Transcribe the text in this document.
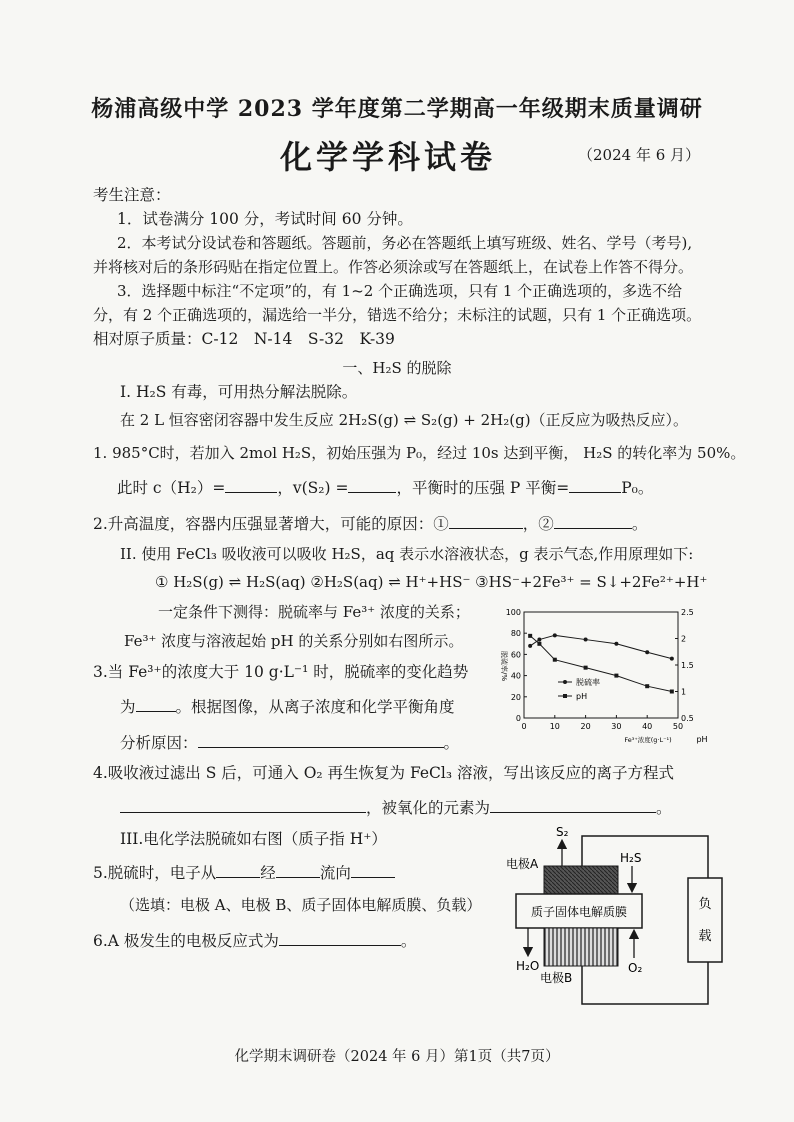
杨浦高级中学 2023 学年度第二学期高一年级期末质量调研
化学学科试卷	（2024 年 6 月）
考生注意：
1．试卷满分 100 分，考试时间 60 分钟。
2．本考试分设试卷和答题纸。答题前，务必在答题纸上填写班级、姓名、学号（考号),
并将核对后的条形码贴在指定位置上。作答必须涂或写在答题纸上，在试卷上作答不得分。
3．选择题中标注“不定项”的，有 1~2 个正确选项，只有 1 个正确选项的，多选不给
分，有 2 个正确选项的，漏选给一半分，错选不给分；未标注的试题，只有 1 个正确选项。
相对原子质量：C-12　N-14　S-32　K-39
一、H₂S 的脱除
I. H₂S 有毒，可用热分解法脱除。
在 2 L 恒容密闭容器中发生反应 2H₂S(g) ⇌ S₂(g) + 2H₂(g)（正反应为吸热反应）。
1. 985°C时，若加入 2mol H₂S，初始压强为 P₀，经过 10s 达到平衡， H₂S 的转化率为 50%。
此时 c（H₂）=	，v(S₂) =	，平衡时的压强 P 平衡=	P₀。
2.升高温度，容器内压强显著增大，可能的原因：①	，②	。
II. 使用 FeCl₃ 吸收液可以吸收 H₂S，aq 表示水溶液状态，g 表示气态,作用原理如下:
① H₂S(g) ⇌ H₂S(aq) ②H₂S(aq) ⇌ H⁺+HS⁻ ③HS⁻+2Fe³⁺ = S↓+2Fe²⁺+H⁺
一定条件下测得：脱硫率与 Fe³⁺ 浓度的关系；
Fe³⁺ 浓度与溶液起始 pH 的关系分别如右图所示。
3.当 Fe³⁺的浓度大于 10 g·L⁻¹ 时，脱硫率的变化趋势
为	。根据图像，从离子浓度和化学平衡角度
分析原因：	。
0	10	20	30	40	50
0
20
40
60
80
100
0.5
1
1.5
2
2.5
脱硫率/%
Fe³⁺浓度(g·L⁻¹)	pH
脱硫率
pH
4.吸收液过滤出 S 后，可通入 O₂ 再生恢复为 FeCl₃ 溶液，写出该反应的离子方程式
，被氧化的元素为	。
III.电化学法脱硫如右图（质子指 H⁺）
5.脱硫时，电子从	经	流向
（选填：电极 A、电极 B、质子固体电解质膜、负载）
6.A 极发生的电极反应式为	。
负
载
质子固体电解质膜
S₂
H₂S
电极A
H₂O	O₂
电极B
化学期末调研卷（2024 年 6 月）第1页（共7页）
